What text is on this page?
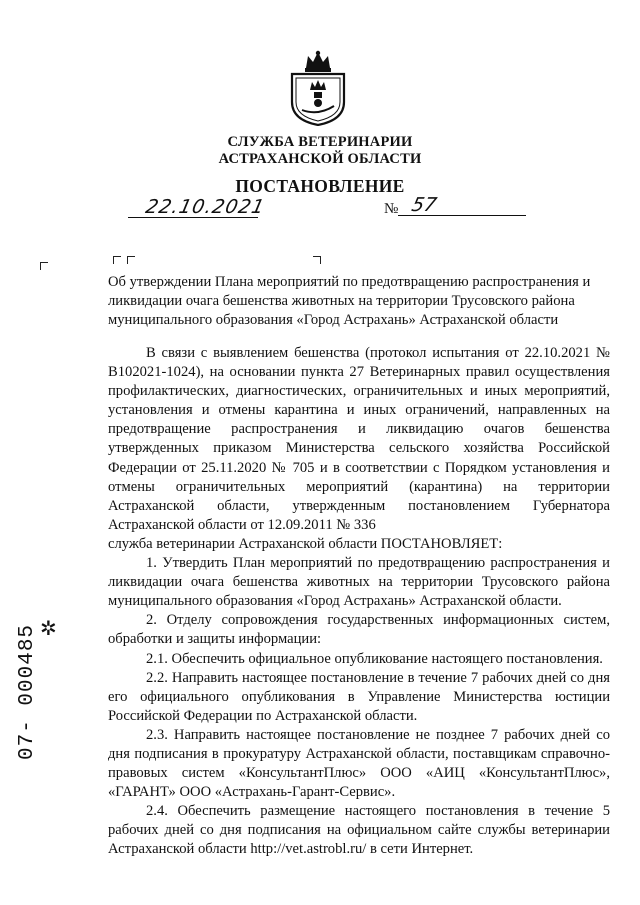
СЛУЖБА ВЕТЕРИНАРИИ
АСТРАХАНСКОЙ ОБЛАСТИ
ПОСТАНОВЛЕНИЕ
22.10.2021	№ 57
Об утверждении Плана мероприятий по предотвращению распространения и ликвидации очага бешенства животных на территории Трусовского района муниципального образования «Город Астрахань» Астраханской области

В связи с выявлением бешенства (протокол испытания от 22.10.2021 № В102021-1024), на основании пункта 27 Ветеринарных правил осуществления профилактических, диагностических, ограничительных и иных мероприятий, установления и отмены карантина и иных ограничений, направленных на предотвращение распространения и ликвидацию очагов бешенства утвержденных приказом Министерства сельского хозяйства Российской Федерации от 25.11.2020 № 705 и в соответствии с Порядком установления и отмены ограничительных мероприятий (карантина) на территории Астраханской области, утвержденным постановлением Губернатора Астраханской области от 12.09.2011 № 336

служба ветеринарии Астраханской области ПОСТАНОВЛЯЕТ:

1. Утвердить План мероприятий по предотвращению распространения и ликвидации очага бешенства животных на территории Трусовского района муниципального образования «Город Астрахань» Астраханской области.

2. Отделу сопровождения государственных информационных систем, обработки и защиты информации:

2.1. Обеспечить официальное опубликование настоящего постановления.

2.2. Направить настоящее постановление в течение 7 рабочих дней со дня его официального опубликования в Управление Министерства юстиции Российской Федерации по Астраханской области.

2.3. Направить настоящее постановление не позднее 7 рабочих дней со дня подписания в прокуратуру Астраханской области, поставщикам справочно-правовых систем «КонсультантПлюс» ООО «АИЦ «КонсультантПлюс», «ГАРАНТ» ООО «Астрахань-Гарант-Сервис».

2.4. Обеспечить размещение настоящего постановления в течение 5 рабочих дней со дня подписания на официальном сайте службы ветеринарии Астраханской области http://vet.astrobl.ru/ в сети Интернет.

✲
07- 000485
